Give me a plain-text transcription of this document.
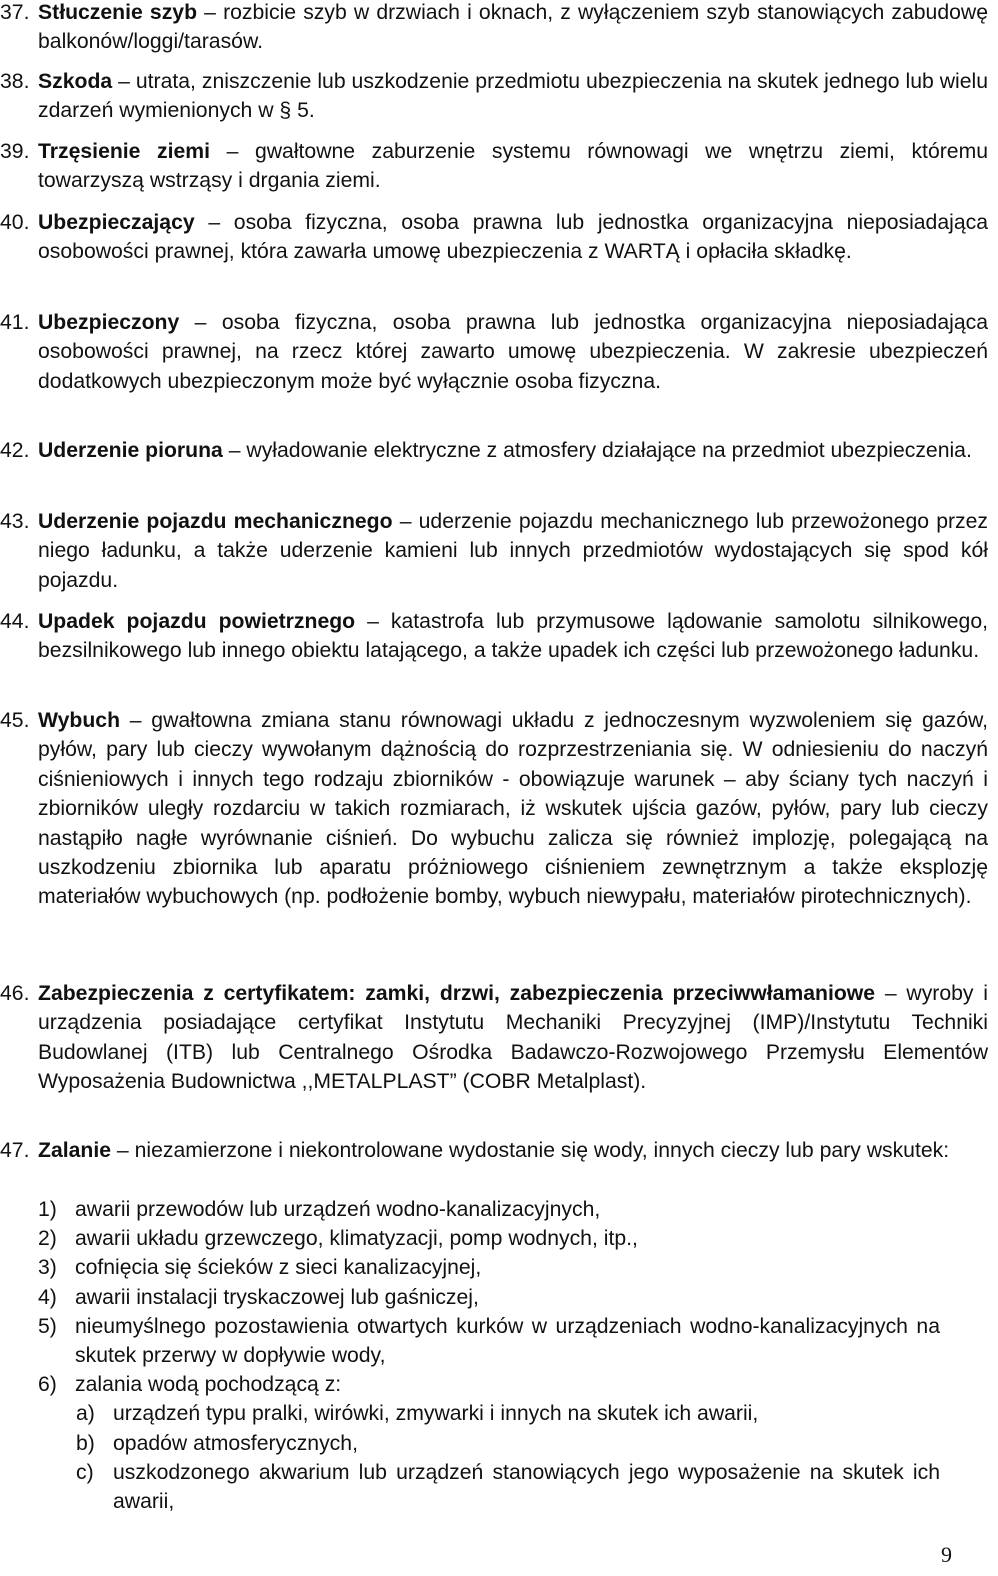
37. Stłuczenie szyb – rozbicie szyb w drzwiach i oknach, z wyłączeniem szyb stanowiących zabudowę balkonów/loggi/tarasów.

38. Szkoda – utrata, zniszczenie lub uszkodzenie przedmiotu ubezpieczenia na skutek jednego lub wielu zdarzeń wymienionych w § 5.

39. Trzęsienie ziemi – gwałtowne zaburzenie systemu równowagi we wnętrzu ziemi, któremu towarzyszą wstrząsy i drgania ziemi.

40. Ubezpieczający – osoba fizyczna, osoba prawna lub jednostka organizacyjna nieposiadająca osobowości prawnej, która zawarła umowę ubezpieczenia z WARTĄ i opłaciła składkę.

41. Ubezpieczony – osoba fizyczna, osoba prawna lub jednostka organizacyjna nieposiadająca osobowości prawnej, na rzecz której zawarto umowę ubezpieczenia. W zakresie ubezpieczeń dodatkowych ubezpieczonym może być wyłącznie osoba fizyczna.

42. Uderzenie pioruna – wyładowanie elektryczne z atmosfery działające na przedmiot ubezpieczenia.

43. Uderzenie pojazdu mechanicznego – uderzenie pojazdu mechanicznego lub przewożonego przez niego ładunku, a także uderzenie kamieni lub innych przedmiotów wydostających się spod kół pojazdu.

44. Upadek pojazdu powietrznego – katastrofa lub przymusowe lądowanie samolotu silnikowego, bezsilnikowego lub innego obiektu latającego, a także upadek ich części lub przewożonego ładunku.

45. Wybuch – gwałtowna zmiana stanu równowagi układu z jednoczesnym wyzwoleniem się gazów, pyłów, pary lub cieczy wywołanym dążnością do rozprzestrzeniania się. W odniesieniu do naczyń ciśnieniowych i innych tego rodzaju zbiorników - obowiązuje warunek – aby ściany tych naczyń i zbiorników uległy rozdarciu w takich rozmiarach, iż wskutek ujścia gazów, pyłów, pary lub cieczy nastąpiło nagłe wyrównanie ciśnień. Do wybuchu zalicza się również implozję, polegającą na uszkodzeniu zbiornika lub aparatu próżniowego ciśnieniem zewnętrznym a także eksplozję materiałów wybuchowych (np. podłożenie bomby, wybuch niewypału, materiałów pirotechnicznych).

46. Zabezpieczenia z certyfikatem: zamki, drzwi, zabezpieczenia przeciwwłamaniowe – wyroby i urządzenia posiadające certyfikat Instytutu Mechaniki Precyzyjnej (IMP)/Instytutu Techniki Budowlanej (ITB) lub Centralnego Ośrodka Badawczo-Rozwojowego Przemysłu Elementów Wyposażenia Budownictwa ,,METALPLAST” (COBR Metalplast).

47. Zalanie – niezamierzone i niekontrolowane wydostanie się wody, innych cieczy lub pary wskutek:

1) awarii przewodów lub urządzeń wodno-kanalizacyjnych,

2) awarii układu grzewczego, klimatyzacji, pomp wodnych, itp.,

3) cofnięcia się ścieków z sieci kanalizacyjnej,

4) awarii instalacji tryskaczowej lub gaśniczej,

5) nieumyślnego pozostawienia otwartych kurków w urządzeniach wodno-kanalizacyjnych na skutek przerwy w dopływie wody,

6) zalania wodą pochodzącą z:

a) urządzeń typu pralki, wirówki, zmywarki i innych na skutek ich awarii,

b) opadów atmosferycznych,

c) uszkodzonego akwarium lub urządzeń stanowiących jego wyposażenie na skutek ich awarii,

9
